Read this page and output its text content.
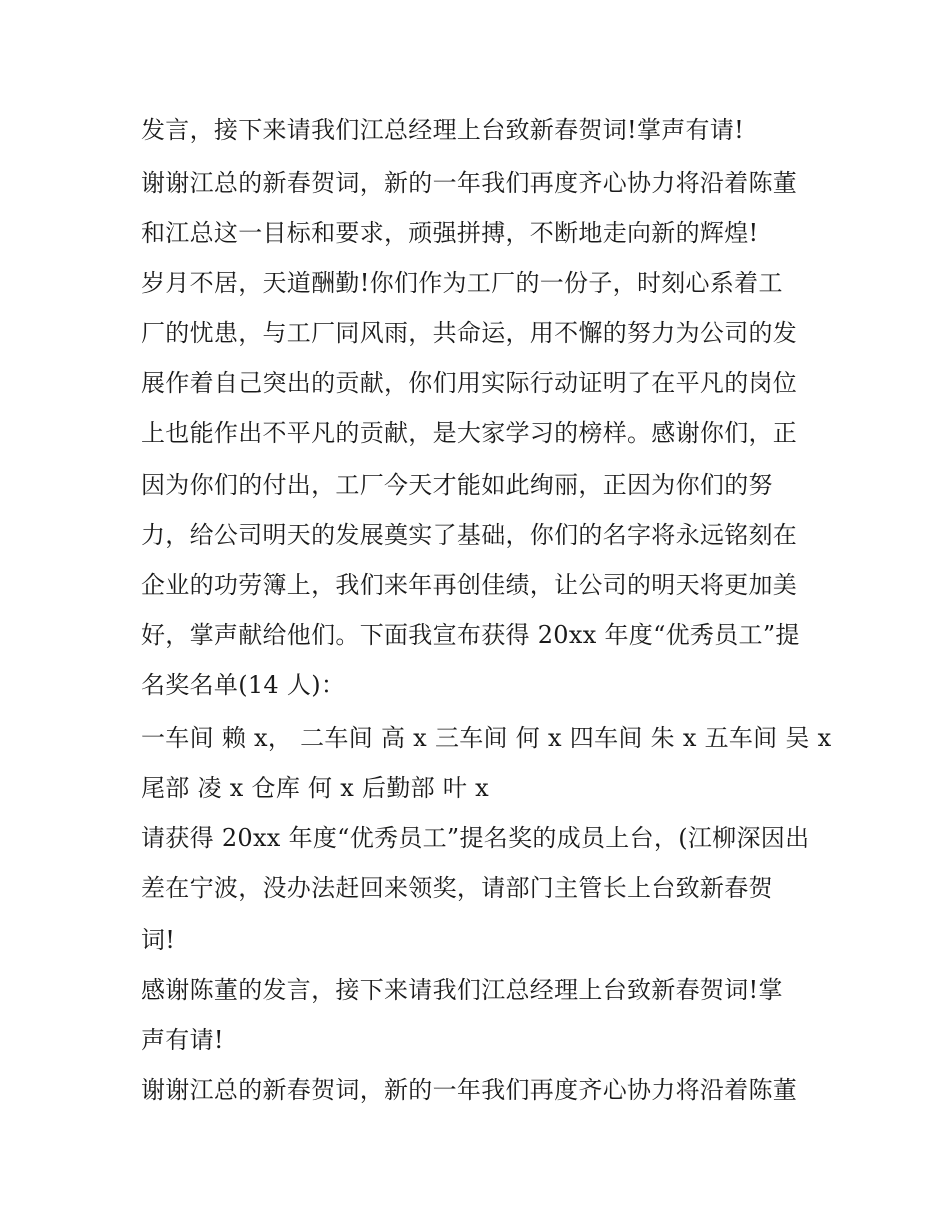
发言，接下来请我们江总经理上台致新春贺词!掌声有请!
谢谢江总的新春贺词，新的一年我们再度齐心协力将沿着陈董
和江总这一目标和要求，顽强拼搏，不断地走向新的辉煌!
岁月不居，天道酬勤!你们作为工厂的一份子，时刻心系着工
厂的忧患，与工厂同风雨，共命运，用不懈的努力为公司的发
展作着自己突出的贡献，你们用实际行动证明了在平凡的岗位
上也能作出不平凡的贡献，是大家学习的榜样。感谢你们，正
因为你们的付出，工厂今天才能如此绚丽，正因为你们的努
力，给公司明天的发展奠实了基础，你们的名字将永远铭刻在
企业的功劳簿上，我们来年再创佳绩，让公司的明天将更加美
好，掌声献给他们。下面我宣布获得 20xx 年度“优秀员工”提
名奖名单(14 人)：
一车间 赖 x， 二车间 高 x 三车间 何 x 四车间 朱 x 五车间 吴 x
尾部 凌 x 仓库 何 x 后勤部 叶 x
请获得 20xx 年度“优秀员工”提名奖的成员上台，(江柳深因出
差在宁波，没办法赶回来领奖，请部门主管长上台致新春贺
词!
感谢陈董的发言，接下来请我们江总经理上台致新春贺词!掌
声有请!
谢谢江总的新春贺词，新的一年我们再度齐心协力将沿着陈董
